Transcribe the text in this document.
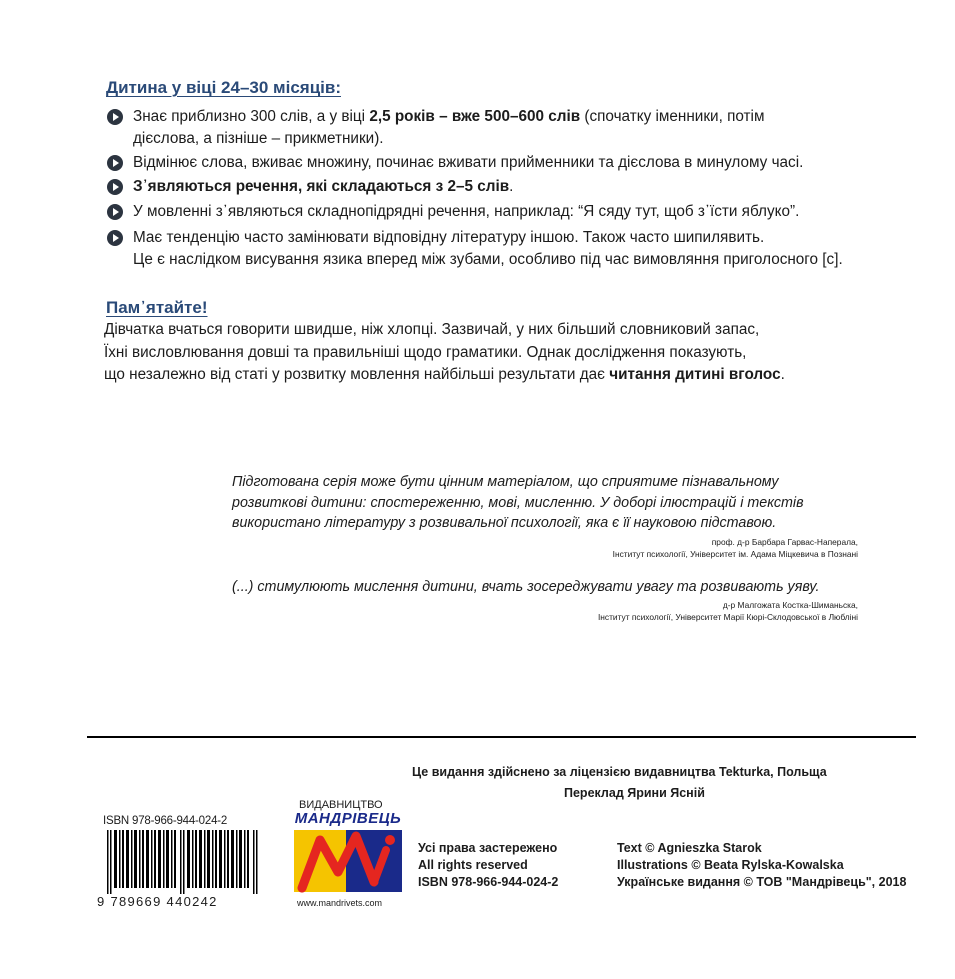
Дитина у віці 24–30 місяців:
Знає приблизно 300 слів, а у віці 2,5 років – вже 500–600 слів (спочатку іменники, потім
дієслова, а пізніше – прикметники).
Відмінює слова, вживає множину, починає вживати прийменники та дієслова в минулому часі.
З᾽являються речення, які складаються з 2–5 слів.
У мовленні з᾽являються складнопідрядні речення, наприклад: “Я сяду тут, щоб з᾽їсти яблуко”.
Має тенденцію часто замінювати відповідну літературу іншою. Також часто шипилявить.
Це є наслідком висування язика вперед між зубами, особливо під час вимовляння приголосного [с].
Пам᾽ятайте!

Дівчатка вчаться говорити швидше, ніж хлопці. Зазвичай, у них більший словниковий запас,

Їхні висловлювання довші та правильніші щодо граматики. Однак дослідження показують,

що незалежно від статі у розвитку мовлення найбільші результати дає читання дитині вголос.

Підготована серія може бути цінним матеріалом, що сприятиме пізнавальному

розвиткові дитини: спостереженню, мові, мисленню. У доборі ілюстрацій і текстів

використано літературу з розвивальної психології, яка є її науковою підставою.

проф. д-р Барбара Гарвас-Наперала,

Інститут психології, Університет ім. Адама Міцкевича в Познані

(...) стимулюють мислення дитини, вчать зосереджувати увагу та розвивають уяву.

д-р Малгожата Костка-Шиманьска,

Інститут психології, Університет Марії Кюрі-Склодовської в Любліні

Це видання здійснено за ліцензією видавництва Tekturka, Польща
Переклад Ярини Ясній
ISBN 978-966-944-024-2
9 789669 440242
ВИДАВНИЦТВО
МАНДРІВЕЦЬ
www.mandrivets.com
Усі права застережено
All rights reserved
ISBN 978-966-944-024-2
Text © Agnieszka Starok
Illustrations © Beata Rylska-Kowalska
Українське видання © ТОВ "Мандрівець", 2018
